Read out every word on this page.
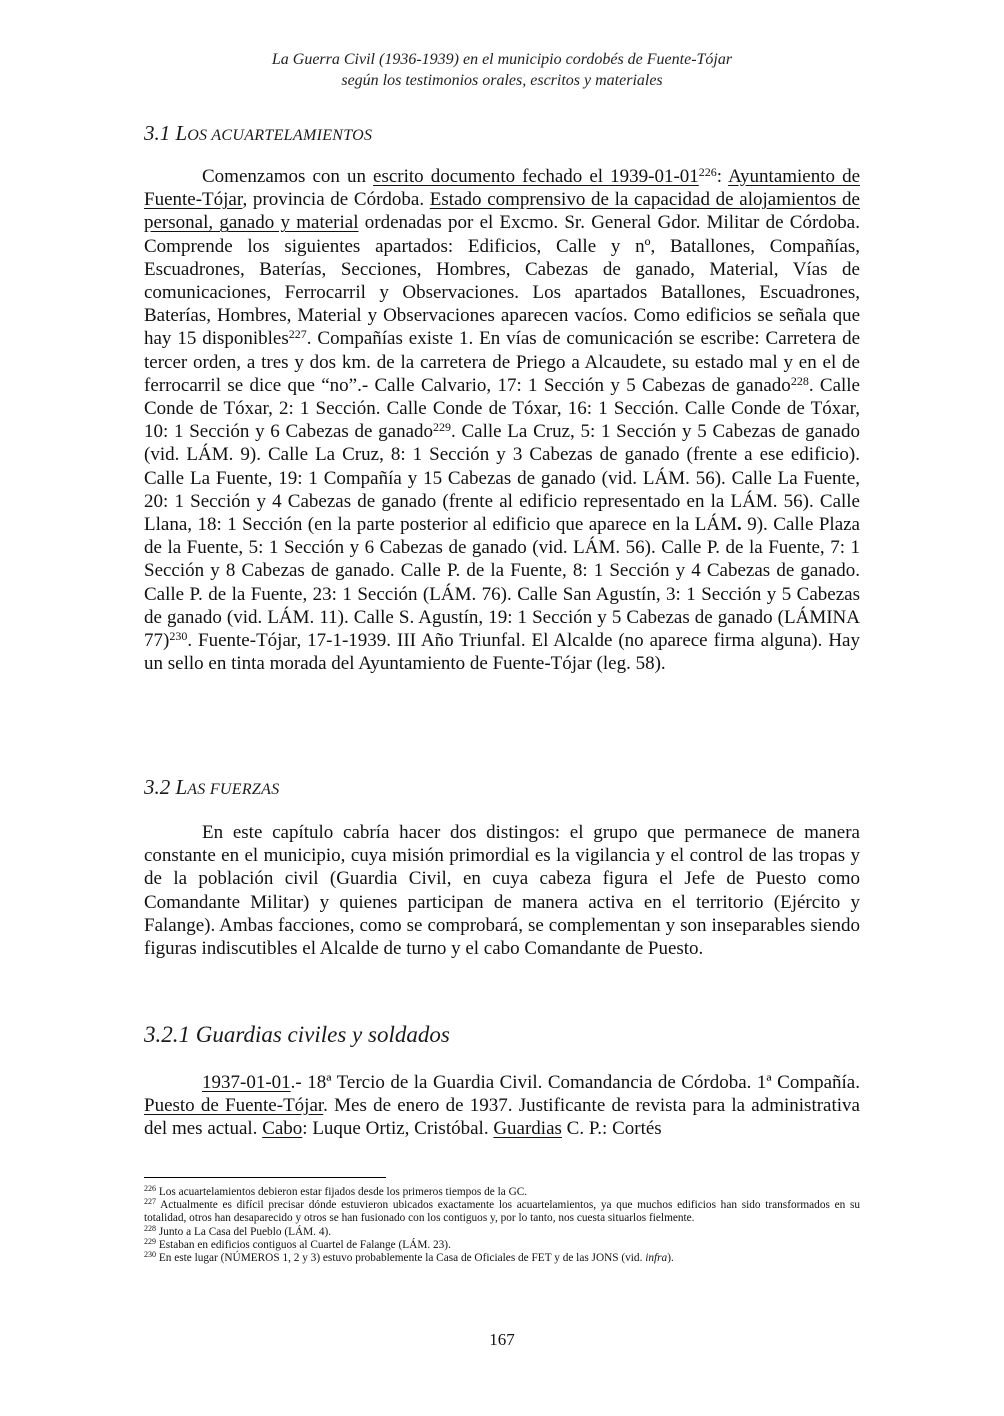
La Guerra Civil (1936-1939) en el municipio cordobés de Fuente-Tójar
según los testimonios orales, escritos y materiales
3.1 LOS ACUARTELAMIENTOS

Comenzamos con un escrito documento fechado el $1939-01-01^{226}$: Ayuntamiento de Fuente-Tójar, provincia de Córdoba. Estado comprensivo de la capacidad de alojamientos de personal, ganado y material ordenadas por el Excmo. Sr. General Gdor. Militar de Córdoba. Comprende los siguientes apartados: Edificios, Calle y nº, Batallones, Compañías, Escuadrones, Baterías, Secciones, Hombres, Cabezas de ganado, Material, Vías de comunicaciones, Ferrocarril y Observaciones. Los apartados Batallones, Escuadrones, Baterías, Hombres, Material y Observaciones aparecen vacíos. Como edificios se señala que hay 15 disponibles$^{227}$. Compañías existe 1. En vías de comunicación se escribe: Carretera de tercer orden, a tres y dos km. de la carretera de Priego a Alcaudete, su estado mal y en el de ferrocarril se dice que “no”.- Calle Calvario, 17: 1 Sección y 5 Cabezas de ganado$^{228}$. Calle Conde de Tóxar, 2: 1 Sección. Calle Conde de Tóxar, 16: 1 Sección. Calle Conde de Tóxar, 10: 1 Sección y 6 Cabezas de ganado$^{229}$. Calle La Cruz, 5: 1 Sección y 5 Cabezas de ganado (vid. LÁM. 9). Calle La Cruz, 8: 1 Sección y 3 Cabezas de ganado (frente a ese edificio). Calle La Fuente, 19: 1 Compañía y 15 Cabezas de ganado (vid. LÁM. 56). Calle La Fuente, 20: 1 Sección y 4 Cabezas de ganado (frente al edificio representado en la LÁM. 56). Calle Llana, 18: 1 Sección (en la parte posterior al edificio que aparece en la LÁM. 9). Calle Plaza de la Fuente, 5: 1 Sección y 6 Cabezas de ganado (vid. LÁM. 56). Calle P. de la Fuente, 7: 1 Sección y 8 Cabezas de ganado. Calle P. de la Fuente, 8: 1 Sección y 4 Cabezas de ganado. Calle P. de la Fuente, 23: 1 Sección (LÁM. 76). Calle San Agustín, 3: 1 Sección y 5 Cabezas de ganado (vid. LÁM. 11). Calle S. Agustín, 19: 1 Sección y 5 Cabezas de ganado (LÁMINA 77)$^{230}$. Fuente-Tójar, 17-1-1939. III Año Triunfal. El Alcalde (no aparece firma alguna). Hay un sello en tinta morada del Ayuntamiento de Fuente-Tójar (leg. 58).

3.2 LAS FUERZAS

En este capítulo cabría hacer dos distingos: el grupo que permanece de manera constante en el municipio, cuya misión primordial es la vigilancia y el control de las tropas y de la población civil (Guardia Civil, en cuya cabeza figura el Jefe de Puesto como Comandante Militar) y quienes participan de manera activa en el territorio (Ejército y Falange). Ambas facciones, como se comprobará, se complementan y son inseparables siendo figuras indiscutibles el Alcalde de turno y el cabo Comandante de Puesto.

3.2.1 Guardias civiles y soldados

1937-01-01.- 18ª Tercio de la Guardia Civil. Comandancia de Córdoba. 1ª Compañía. Puesto de Fuente-Tójar. Mes de enero de 1937. Justificante de revista para la administrativa del mes actual. Cabo: Luque Ortiz, Cristóbal. Guardias C. P.: Cortés

$^{226}$ Los acuartelamientos debieron estar fijados desde los primeros tiempos de la GC.

$^{227}$ Actualmente es difícil precisar dónde estuvieron ubicados exactamente los acuartelamientos, ya que muchos edificios han sido transformados en su totalidad, otros han desaparecido y otros se han fusionado con los contiguos y, por lo tanto, nos cuesta situarlos fielmente.

$^{228}$ Junto a La Casa del Pueblo (LÁM. 4).

$^{229}$ Estaban en edificios contiguos al Cuartel de Falange (LÁM. 23).

$^{230}$ En este lugar (NÚMEROS 1, 2 y 3) estuvo probablemente la Casa de Oficiales de FET y de las JONS (vid. infra).

167
